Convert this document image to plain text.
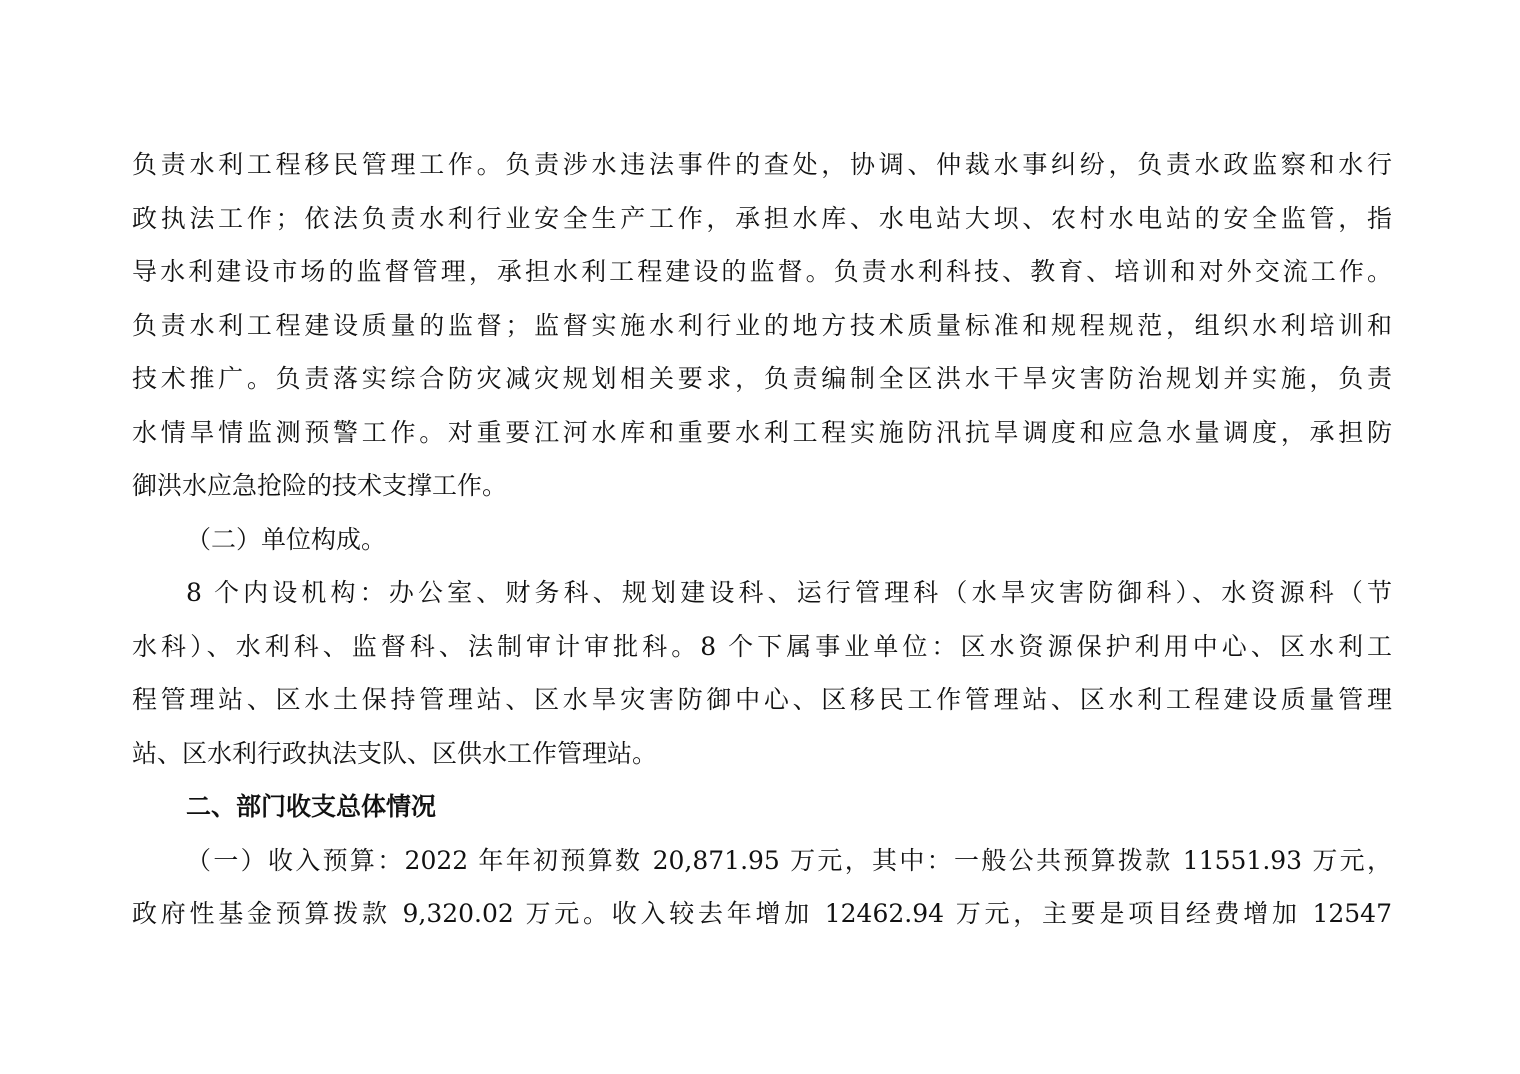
负责水利工程移民管理工作。负责涉水违法事件的查处，协调、仲裁水事纠纷，负责水政监察和水行
政执法工作；依法负责水利行业安全生产工作，承担水库、水电站大坝、农村水电站的安全监管，指
导水利建设市场的监督管理，承担水利工程建设的监督。负责水利科技、教育、培训和对外交流工作。
负责水利工程建设质量的监督；监督实施水利行业的地方技术质量标准和规程规范，组织水利培训和
技术推广。负责落实综合防灾减灾规划相关要求，负责编制全区洪水干旱灾害防治规划并实施，负责
水情旱情监测预警工作。对重要江河水库和重要水利工程实施防汛抗旱调度和应急水量调度，承担防
御洪水应急抢险的技术支撑工作。
（二）单位构成。
8 个内设机构：办公室、财务科、规划建设科、运行管理科（水旱灾害防御科）、水资源科（节
水科）、水利科、监督科、法制审计审批科。8 个下属事业单位：区水资源保护利用中心、区水利工
程管理站、区水土保持管理站、区水旱灾害防御中心、区移民工作管理站、区水利工程建设质量管理
站、区水利行政执法支队、区供水工作管理站。
二、部门收支总体情况
（一）收入预算：2022 年年初预算数 20,871.95 万元，其中：一般公共预算拨款 11551.93 万元，
政府性基金预算拨款 9,320.02 万元。收入较去年增加 12462.94 万元，主要是项目经费增加 12547
